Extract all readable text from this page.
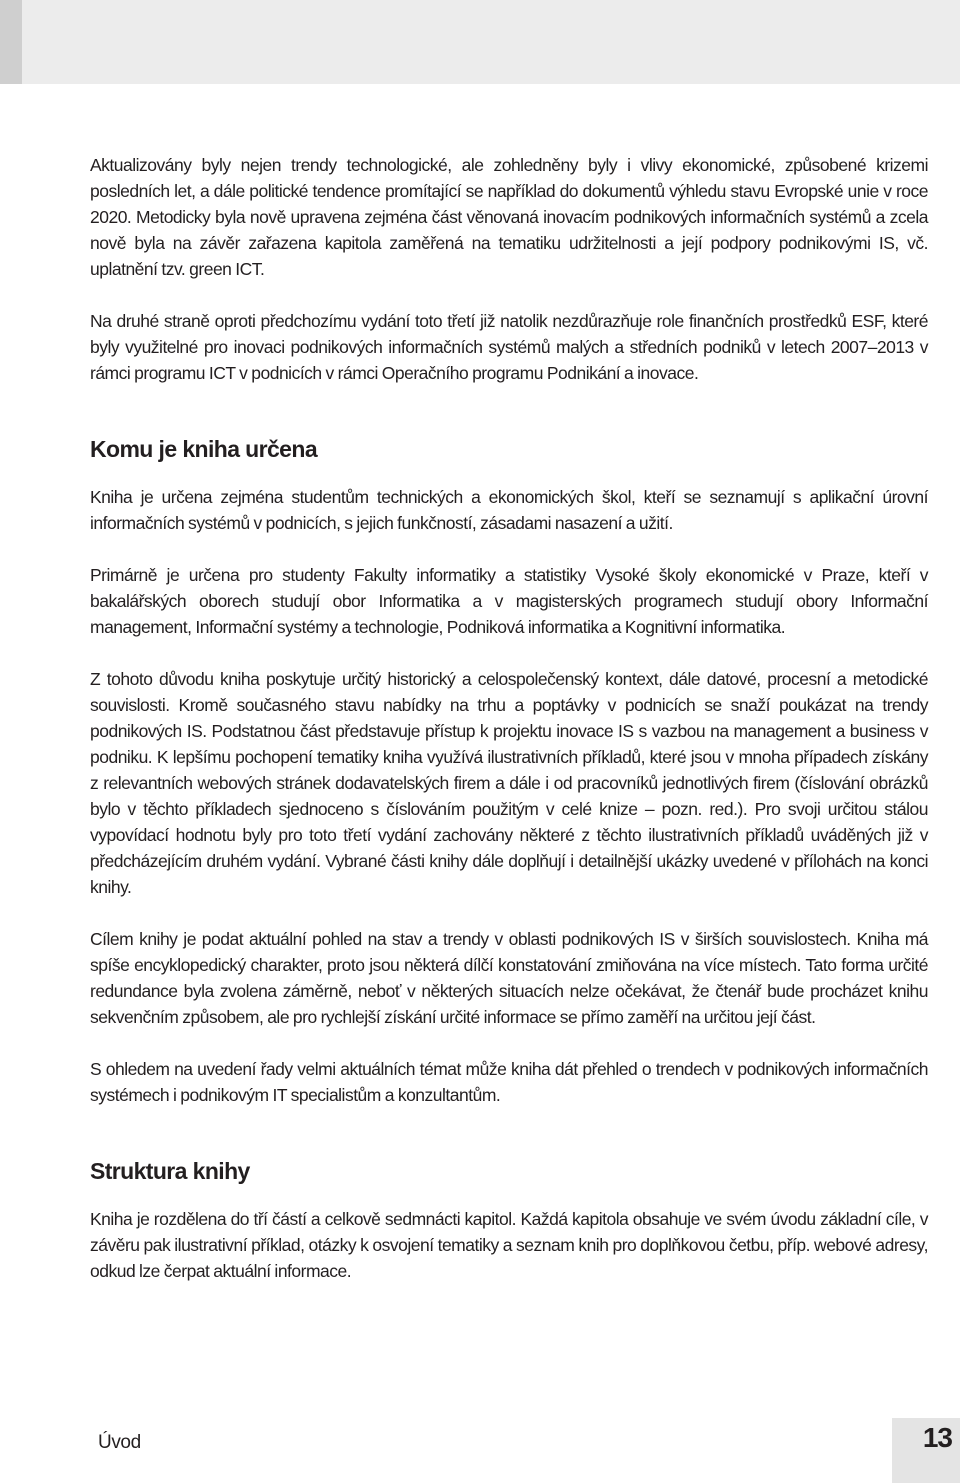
Aktualizovány byly nejen trendy technologické, ale zohledněny byly i vlivy ekonomické, způsobené krizemi posledních let, a dále politické tendence promítající se například do dokumentů výhledu stavu Evropské unie v roce 2020. Metodicky byla nově upravena zejména část věnovaná inovacím podnikových informačních systémů a zcela nově byla na závěr zařazena kapitola zaměřená na tematiku udržitelnosti a její podpory podnikovými IS, vč. uplatnění tzv. green ICT.

Na druhé straně oproti předchozímu vydání toto třetí již natolik nezdůrazňuje role finančních prostředků ESF, které byly využitelné pro inovaci podnikových informačních systémů malých a středních podniků v letech 2007–2013 v rámci programu ICT v podnicích v rámci Operačního programu Podnikání a inovace.

Komu je kniha určena

Kniha je určena zejména studentům technických a ekonomických škol, kteří se seznamují s aplikační úrovní informačních systémů v podnicích, s jejich funkčností, zásadami nasazení a užití.

Primárně je určena pro studenty Fakulty informatiky a statistiky Vysoké školy ekonomické v Praze, kteří v bakalářských oborech studují obor Informatika a v magisterských programech studují obory Informační management, Informační systémy a technologie, Podniková informatika a Kognitivní informatika.

Z tohoto důvodu kniha poskytuje určitý historický a celospolečenský kontext, dále datové, procesní a metodické souvislosti. Kromě současného stavu nabídky na trhu a poptávky v podnicích se snaží poukázat na trendy podnikových IS. Podstatnou část představuje přístup k projektu inovace IS s vazbou na management a business v podniku. K lepšímu pochopení tematiky kniha využívá ilustrativních příkladů, které jsou v mnoha případech získány z relevantních webových stránek dodavatelských firem a dále i od pracovníků jednotlivých firem (číslování obrázků bylo v těchto příkladech sjednoceno s číslováním použitým v celé knize – pozn. red.). Pro svoji určitou stálou vypovídací hodnotu byly pro toto třetí vydání zachovány některé z těchto ilustrativních příkladů uváděných již v předcházejícím druhém vydání. Vybrané části knihy dále doplňují i detailnější ukázky uvedené v přílohách na konci knihy.

Cílem knihy je podat aktuální pohled na stav a trendy v oblasti podnikových IS v širších souvislostech. Kniha má spíše encyklopedický charakter, proto jsou některá dílčí konstatování zmiňována na více místech. Tato forma určité redundance byla zvolena záměrně, neboť v některých situacích nelze očekávat, že čtenář bude procházet knihu sekvenčním způsobem, ale pro rychlejší získání určité informace se přímo zaměří na určitou její část.

S ohledem na uvedení řady velmi aktuálních témat může kniha dát přehled o trendech v podnikových informačních systémech i podnikovým IT specialistům a konzultantům.

Struktura knihy

Kniha je rozdělena do tří částí a celkově sedmnácti kapitol. Každá kapitola obsahuje ve svém úvodu základní cíle, v závěru pak ilustrativní příklad, otázky k osvojení tematiky a seznam knih pro doplňkovou četbu, příp. webové adresy, odkud lze čerpat aktuální informace.

Úvod	13
